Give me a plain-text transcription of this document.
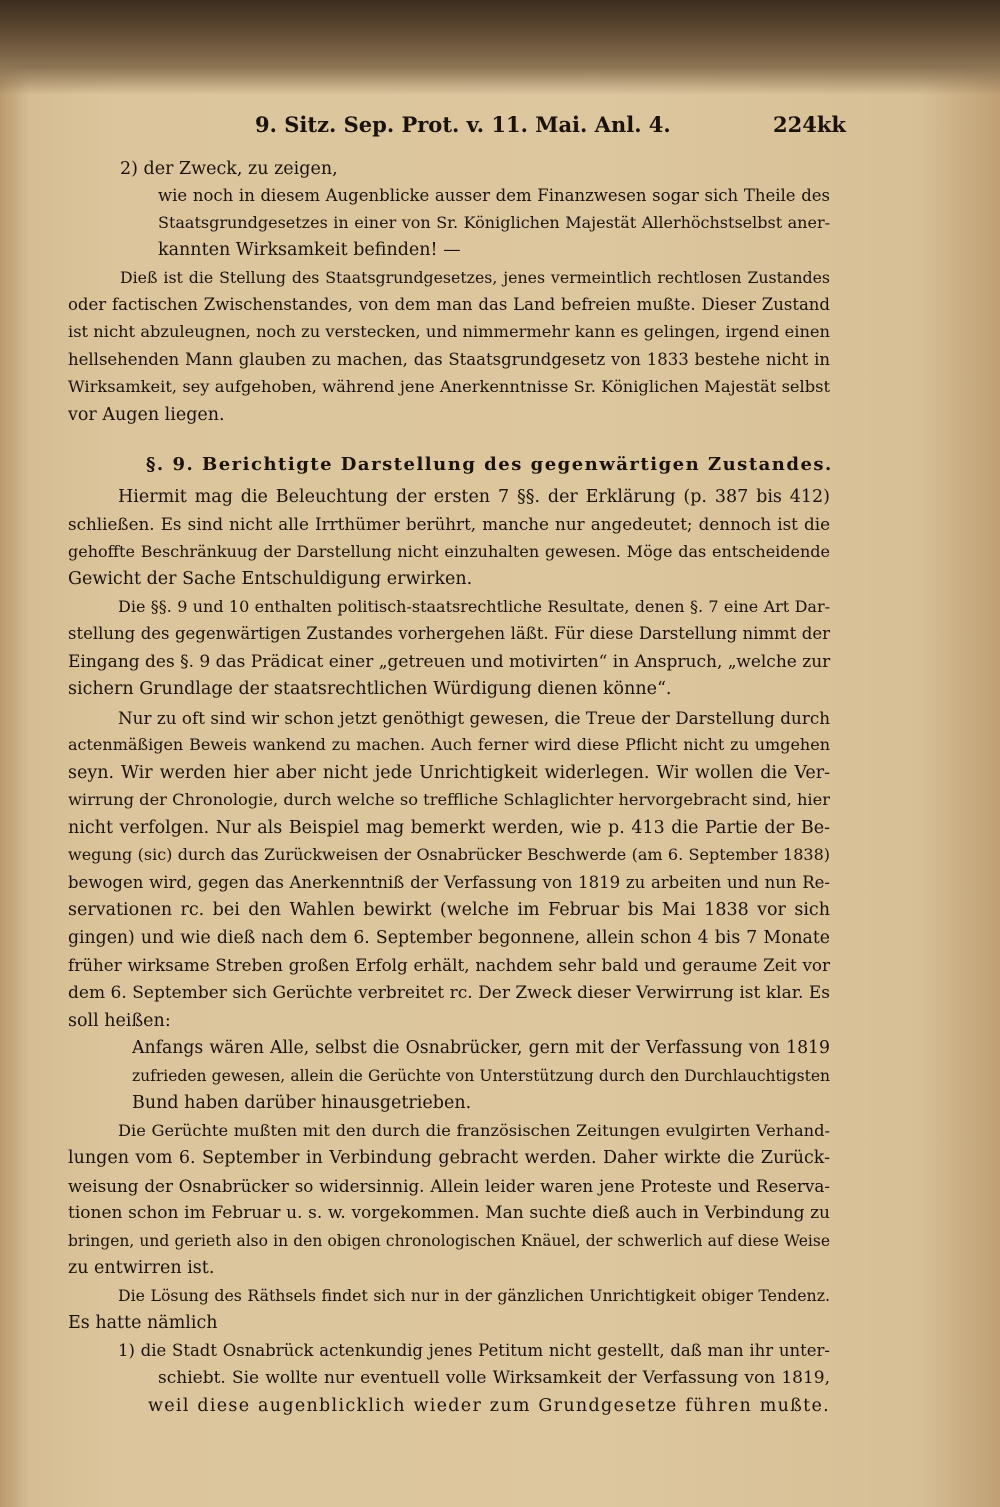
9. Sitz. Sep. Prot. v. 11. Mai. Anl. 4.	224kk
2) der Zweck, zu zeigen,
wie noch in diesem Augenblicke ausser dem Finanzwesen sogar sich Theile des
Staatsgrundgesetzes in einer von Sr. Königlichen Majestät Allerhöchstselbst aner-
kannten Wirksamkeit befinden! —
Dieß ist die Stellung des Staatsgrundgesetzes, jenes vermeintlich rechtlosen Zustandes
oder factischen Zwischenstandes, von dem man das Land befreien mußte. Dieser Zustand
ist nicht abzuleugnen, noch zu verstecken, und nimmermehr kann es gelingen, irgend einen
hellsehenden Mann glauben zu machen, das Staatsgrundgesetz von 1833 bestehe nicht in
Wirksamkeit, sey aufgehoben, während jene Anerkenntnisse Sr. Königlichen Majestät selbst
vor Augen liegen.
§. 9. Berichtigte Darstellung des gegenwärtigen Zustandes.
Hiermit mag die Beleuchtung der ersten 7 §§. der Erklärung (p. 387 bis 412)
schließen. Es sind nicht alle Irrthümer berührt, manche nur angedeutet; dennoch ist die
gehoffte Beschränkuug der Darstellung nicht einzuhalten gewesen. Möge das entscheidende
Gewicht der Sache Entschuldigung erwirken.
Die §§. 9 und 10 enthalten politisch-staatsrechtliche Resultate, denen §. 7 eine Art Dar-
stellung des gegenwärtigen Zustandes vorhergehen läßt. Für diese Darstellung nimmt der
Eingang des §. 9 das Prädicat einer „getreuen und motivirten“ in Anspruch, „welche zur
sichern Grundlage der staatsrechtlichen Würdigung dienen könne“.
Nur zu oft sind wir schon jetzt genöthigt gewesen, die Treue der Darstellung durch
actenmäßigen Beweis wankend zu machen. Auch ferner wird diese Pflicht nicht zu umgehen
seyn. Wir werden hier aber nicht jede Unrichtigkeit widerlegen. Wir wollen die Ver-
wirrung der Chronologie, durch welche so treffliche Schlaglichter hervorgebracht sind, hier
nicht verfolgen. Nur als Beispiel mag bemerkt werden, wie p. 413 die Partie der Be-
wegung (sic) durch das Zurückweisen der Osnabrücker Beschwerde (am 6. September 1838)
bewogen wird, gegen das Anerkenntniß der Verfassung von 1819 zu arbeiten und nun Re-
servationen rc. bei den Wahlen bewirkt (welche im Februar bis Mai 1838 vor sich
gingen) und wie dieß nach dem 6. September begonnene, allein schon 4 bis 7 Monate
früher wirksame Streben großen Erfolg erhält, nachdem sehr bald und geraume Zeit vor
dem 6. September sich Gerüchte verbreitet rc. Der Zweck dieser Verwirrung ist klar. Es
soll heißen:
Anfangs wären Alle, selbst die Osnabrücker, gern mit der Verfassung von 1819
zufrieden gewesen, allein die Gerüchte von Unterstützung durch den Durchlauchtigsten
Bund haben darüber hinausgetrieben.
Die Gerüchte mußten mit den durch die französischen Zeitungen evulgirten Verhand-
lungen vom 6. September in Verbindung gebracht werden. Daher wirkte die Zurück-
weisung der Osnabrücker so widersinnig. Allein leider waren jene Proteste und Reserva-
tionen schon im Februar u. s. w. vorgekommen. Man suchte dieß auch in Verbindung zu
bringen, und gerieth also in den obigen chronologischen Knäuel, der schwerlich auf diese Weise
zu entwirren ist.
Die Lösung des Räthsels findet sich nur in der gänzlichen Unrichtigkeit obiger Tendenz.
Es hatte nämlich
1) die Stadt Osnabrück actenkundig jenes Petitum nicht gestellt, daß man ihr unter-
schiebt. Sie wollte nur eventuell volle Wirksamkeit der Verfassung von 1819,
weil diese augenblicklich wieder zum Grundgesetze führen mußte.
